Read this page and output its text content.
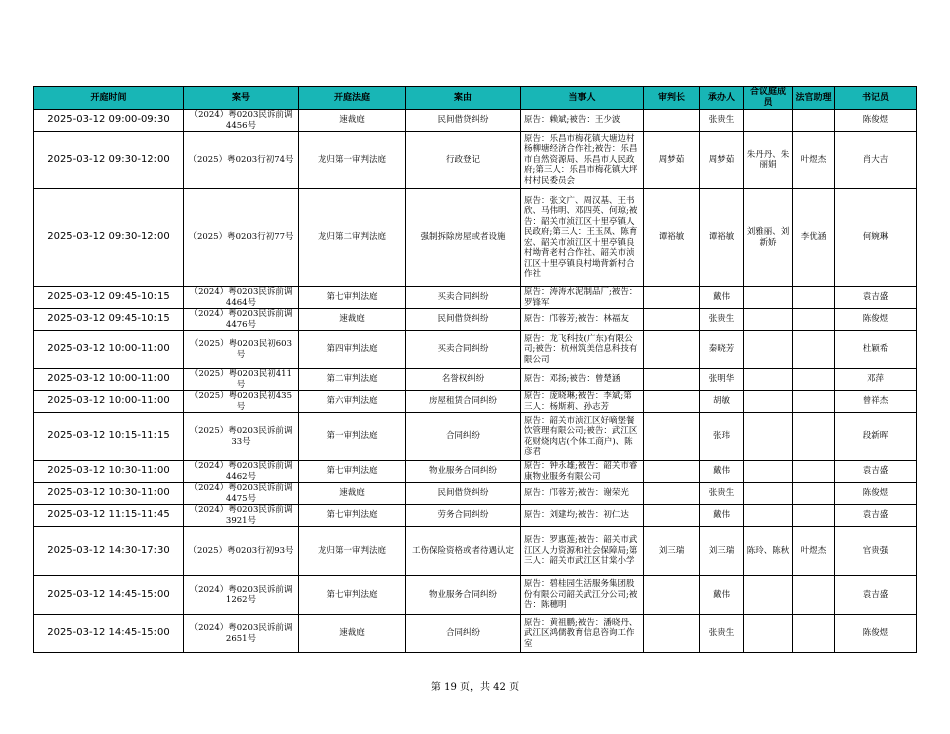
开庭时间	案号	开庭法庭	案由	当事人	审判长	承办人	合议庭成员	法官助理	书记员
2025-03-12 09:00-09:30	（2024）粤0203民诉前调4456号	速裁庭	民间借贷纠纷	原告：赖斌;被告：王少波		张贵生			陈俊煜
2025-03-12 09:30-12:00	（2025）粤0203行初74号	龙归第一审判法庭	行政登记	原告：乐昌市梅花镇大塘边村杨柳塘经济合作社;被告：乐昌市自然资源局、乐昌市人民政府;第三人：乐昌市梅花镇大坪村村民委员会	周梦茹	周梦茹	朱丹丹、朱丽娟	叶煜杰	肖大吉
2025-03-12 09:30-12:00	（2025）粤0203行初77号	龙归第二审判法庭	强制拆除房屋或者设施	原告：张文广、周汉基、王书欣、马伟明、邓四英、何琼;被告：韶关市浈江区十里亭镇人民政府;第三人：王玉凤、陈育宏、韶关市浈江区十里亭镇良村坳背老村合作社、韶关市浈江区十里亭镇良村坳背新村合作社	谭裕敏	谭裕敏	刘雅丽、刘新娇	李优涵	何婉琳
2025-03-12 09:45-10:15	（2024）粤0203民诉前调4464号	第七审判法庭	买卖合同纠纷	原告：涛涛水泥制品厂;被告：罗锋军		戴伟			袁吉盛
2025-03-12 09:45-10:15	（2024）粤0203民诉前调4476号	速裁庭	民间借贷纠纷	原告：邝蓉芳;被告：林福友		张贵生			陈俊煜
2025-03-12 10:00-11:00	（2025）粤0203民初603号	第四审判法庭	买卖合同纠纷	原告：龙飞科技(广东)有限公司;被告：杭州筑美信息科技有限公司		秦晓芳			杜颖希
2025-03-12 10:00-11:00	（2025）粤0203民初411号	第二审判法庭	名誉权纠纷	原告：邓扬;被告：曾楚涵		张明华			邓萍
2025-03-12 10:00-11:00	（2025）粤0203民初435号	第六审判法庭	房屋租赁合同纠纷	原告：庞晓琳;被告：李斌;第三人：杨斯莉、孙志芳		胡敏			曾祥杰
2025-03-12 10:15-11:15	（2025）粤0203民诉前调33号	第一审判法庭	合同纠纷	原告：韶关市浈江区好嘀堡餐饮管理有限公司;被告：武江区花财烧肉店(个体工商户)、陈彦君		张玮			段新晖
2025-03-12 10:30-11:00	（2024）粤0203民诉前调4462号	第七审判法庭	物业服务合同纠纷	原告：钟永雄;被告：韶关市睿康物业服务有限公司		戴伟			袁吉盛
2025-03-12 10:30-11:00	（2024）粤0203民诉前调4475号	速裁庭	民间借贷纠纷	原告：邝蓉芳;被告：谢荣光		张贵生			陈俊煜
2025-03-12 11:15-11:45	（2024）粤0203民诉前调3921号	第七审判法庭	劳务合同纠纷	原告：刘建均;被告：初仁达		戴伟			袁吉盛
2025-03-12 14:30-17:30	（2025）粤0203行初93号	龙归第一审判法庭	工伤保险资格或者待遇认定	原告：罗惠莲;被告：韶关市武江区人力资源和社会保障局;第三人：韶关市武江区甘棠小学	刘三瑞	刘三瑞	陈玲、陈秋	叶煜杰	官贵强
2025-03-12 14:45-15:00	（2024）粤0203民诉前调1262号	第七审判法庭	物业服务合同纠纷	原告：碧桂园生活服务集团股份有限公司韶关武江分公司;被告：陈穗明		戴伟			袁吉盛
2025-03-12 14:45-15:00	（2024）粤0203民诉前调2651号	速裁庭	合同纠纷	原告：黄祖鹏;被告：潘晓丹、武江区鸿儒教育信息咨询工作室		张贵生			陈俊煜
第 19 页，共 42 页
